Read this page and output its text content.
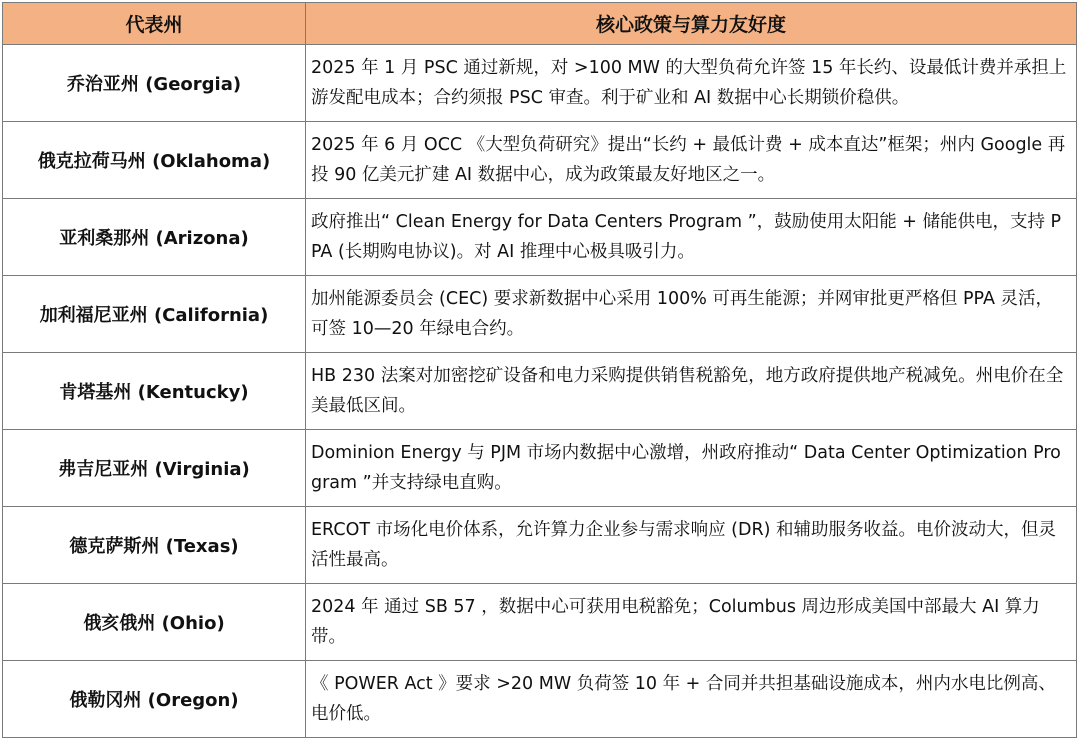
代表州	核心政策与算力友好度
乔治亚州 (Georgia)	2025 年 1 月 PSC 通过新规，对 >100 MW 的大型负荷允许签 15 年长约、设最低计费并承担上游发配电成本；合约须报 PSC 审查。利于矿业和 AI 数据中心长期锁价稳供。
俄克拉荷马州 (Oklahoma)	2025 年 6 月 OCC 《大型负荷研究》提出“长约 + 最低计费 + 成本直达”框架；州内 Google 再投 90 亿美元扩建 AI 数据中心，成为政策最友好地区之一。
亚利桑那州 (Arizona)	政府推出“ Clean Energy for Data Centers Program ”，鼓励使用太阳能 + 储能供电，支持 PPA (长期购电协议)。对 AI 推理中心极具吸引力。
加利福尼亚州 (California)	加州能源委员会 (CEC) 要求新数据中心采用 100% 可再生能源；并网审批更严格但 PPA 灵活，可签 10—20 年绿电合约。
肯塔基州 (Kentucky)	HB 230 法案对加密挖矿设备和电力采购提供销售税豁免，地方政府提供地产税减免。州电价在全美最低区间。
弗吉尼亚州 (Virginia)	Dominion Energy 与 PJM 市场内数据中心激增，州政府推动“ Data Center Optimization Program ”并支持绿电直购。
德克萨斯州 (Texas)	ERCOT 市场化电价体系，允许算力企业参与需求响应 (DR) 和辅助服务收益。电价波动大，但灵活性最高。
俄亥俄州 (Ohio)	2024 年 通过 SB 57 ，数据中心可获用电税豁免；Columbus 周边形成美国中部最大 AI 算力带。
俄勒冈州 (Oregon)	《 POWER Act 》要求 >20 MW 负荷签 10 年 + 合同并共担基础设施成本，州内水电比例高、电价低。
